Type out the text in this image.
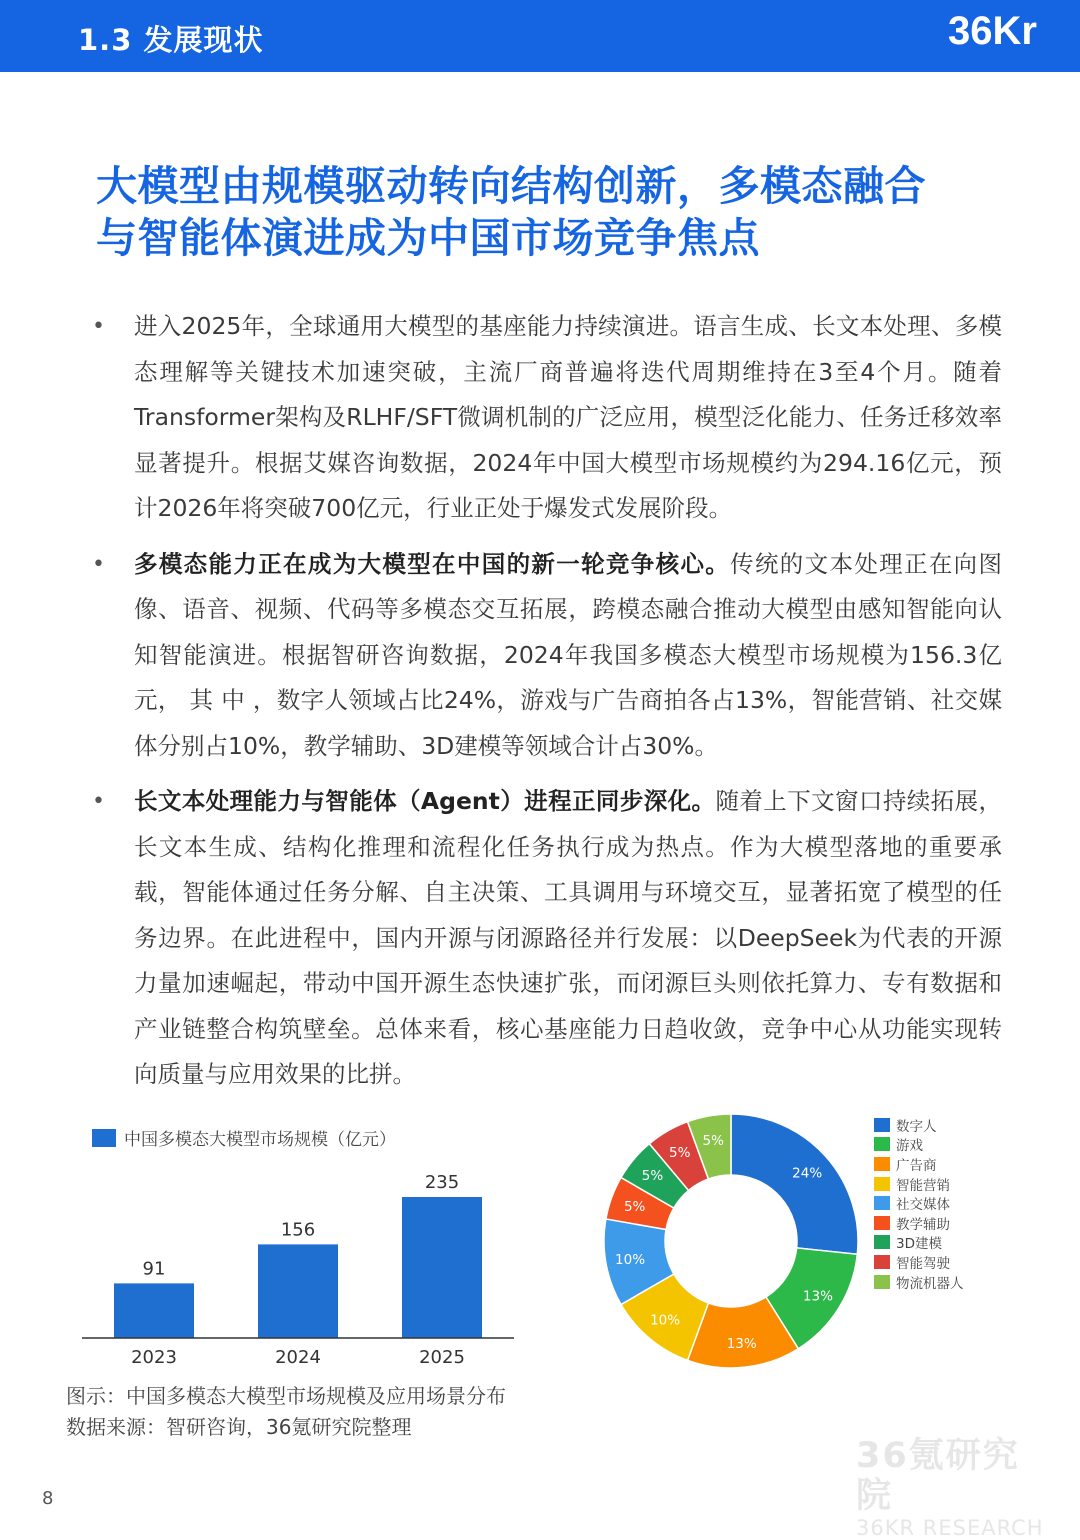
1.3 发展现状	36Kr
大模型由规模驱动转向结构创新，多模态融合
与智能体演进成为中国市场竞争焦点
• 进入2025年，全球通用大模型的基座能力持续演进。语言生成、长文本处理、多模态理解等关键技术加速突破，主流厂商普遍将迭代周期维持在3至4个月。随着Transformer架构及RLHF/SFT微调机制的广泛应用，模型泛化能力、任务迁移效率显著提升。根据艾媒咨询数据，2024年中国大模型市场规模约为294.16亿元，预计2026年将突破700亿元，行业正处于爆发式发展阶段。
• 多模态能力正在成为大模型在中国的新一轮竞争核心。传统的文本处理正在向图像、语音、视频、代码等多模态交互拓展，跨模态融合推动大模型由感知智能向认知智能演进。根据智研咨询数据，2024年我国多模态大模型市场规模为156.3亿元， 其 中 ，数字人领域占比24%，游戏与广告商拍各占13%，智能营销、社交媒体分别占10%，教学辅助、3D建模等领域合计占30%。
• 长文本处理能力与智能体（Agent）进程正同步深化。随着上下文窗口持续拓展，长文本生成、结构化推理和流程化任务执行成为热点。作为大模型落地的重要承载，智能体通过任务分解、自主决策、工具调用与环境交互，显著拓宽了模型的任务边界。在此进程中，国内开源与闭源路径并行发展：以DeepSeek为代表的开源力量加速崛起，带动中国开源生态快速扩张，而闭源巨头则依托算力、专有数据和产业链整合构筑壁垒。总体来看，核心基座能力日趋收敛，竞争中心从功能实现转向质量与应用效果的比拼。
中国多模态大模型市场规模（亿元）
91
2023
156
2024
235
2025
24%
13%
13%
10%
10%
5%
5%
5%
5%
数字人
游戏
广告商
智能营销
社交媒体
教学辅助
3D建模
智能驾驶
物流机器人
图示：中国多模态大模型市场规模及应用场景分布
数据来源：智研咨询，36氪研究院整理
36氪研究院
36KR RESEARCH
8
